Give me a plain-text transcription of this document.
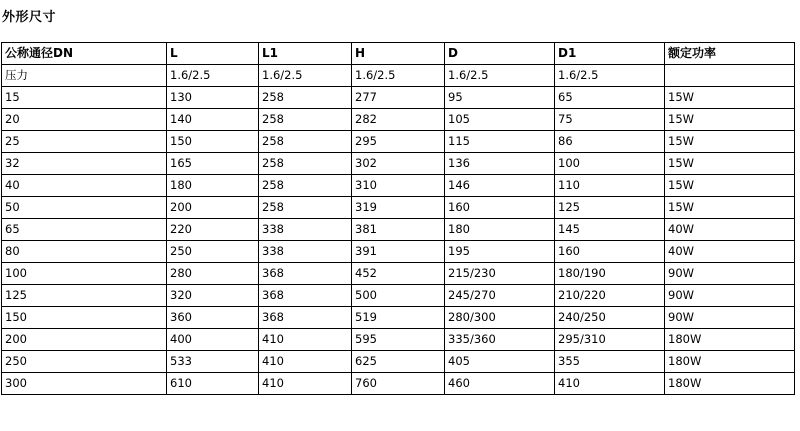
外形尺寸
公称通径DN	L	L1	H	D	D1	额定功率
压力	1.6/2.5	1.6/2.5	1.6/2.5	1.6/2.5	1.6/2.5	
15	130	258	277	95	65	15W
20	140	258	282	105	75	15W
25	150	258	295	115	86	15W
32	165	258	302	136	100	15W
40	180	258	310	146	110	15W
50	200	258	319	160	125	15W
65	220	338	381	180	145	40W
80	250	338	391	195	160	40W
100	280	368	452	215/230	180/190	90W
125	320	368	500	245/270	210/220	90W
150	360	368	519	280/300	240/250	90W
200	400	410	595	335/360	295/310	180W
250	533	410	625	405	355	180W
300	610	410	760	460	410	180W
